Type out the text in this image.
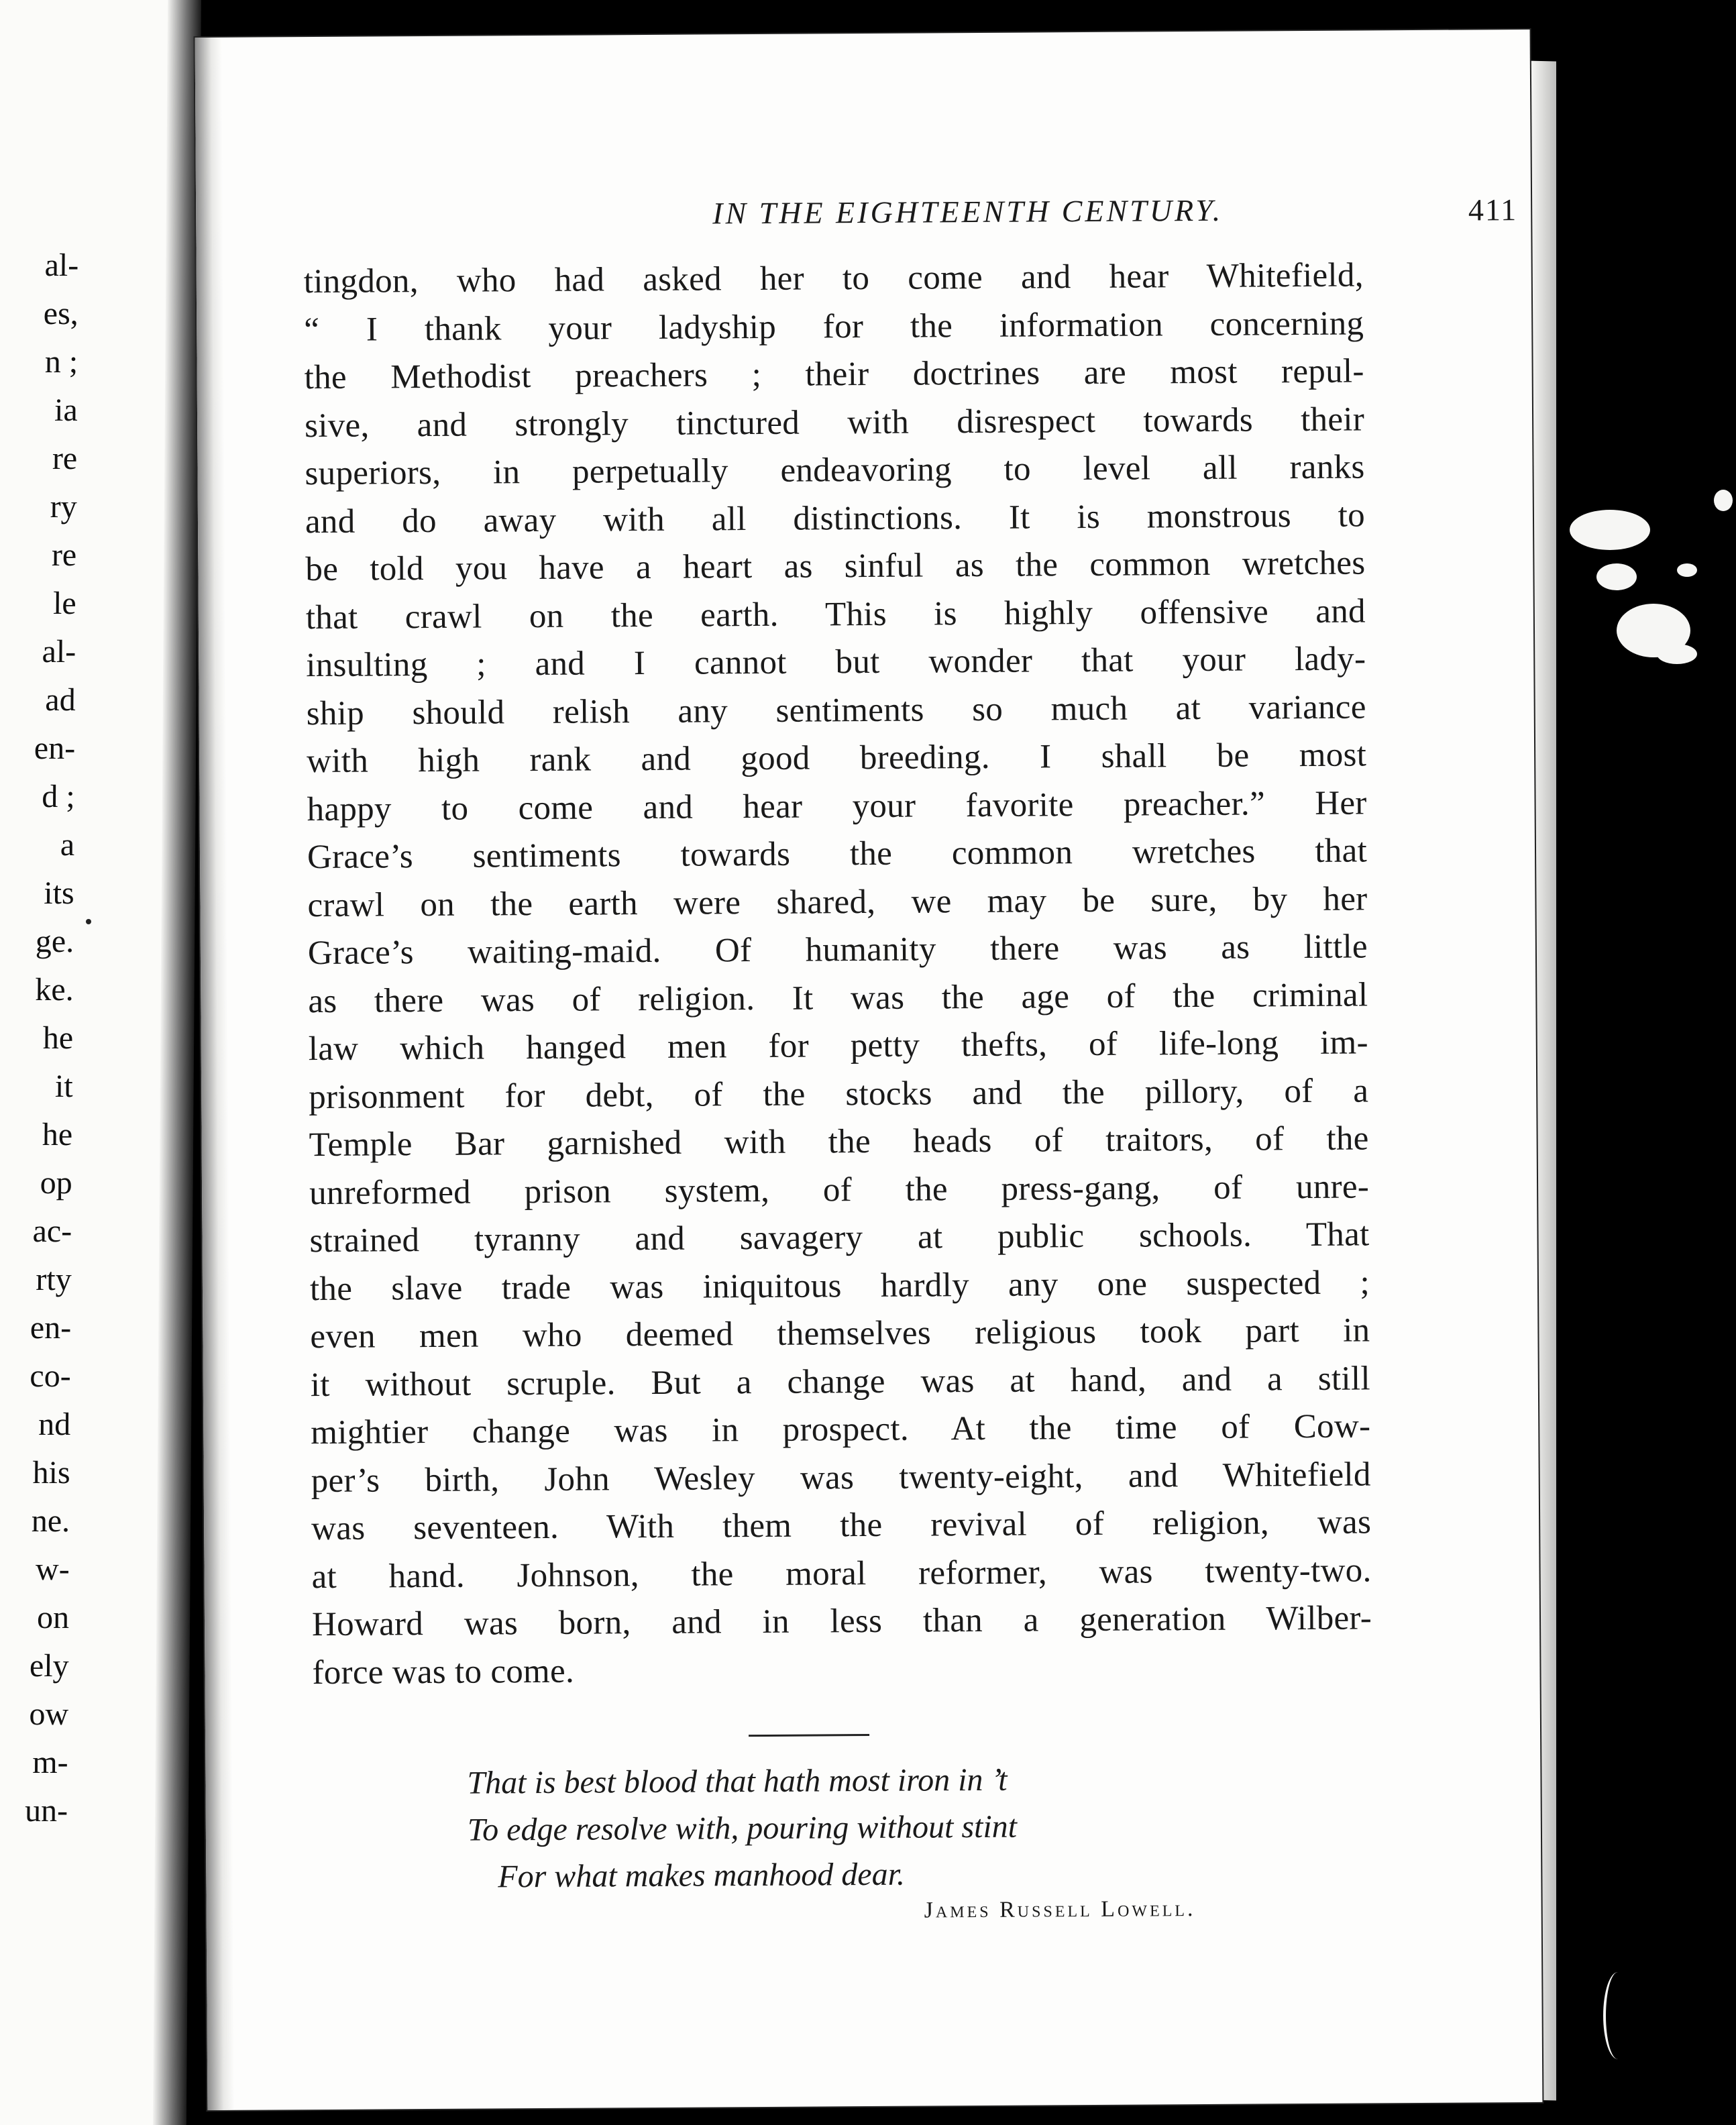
al-
es,
n ;
ia
re
ry
re
le
al-
ad
en-
d ;
a
its
ge.
ke.
he
it
he
op
ac-
rty
en-
co-
nd
his
ne.
w-
on
ely
ow
m-
un-
IN THE EIGHTEENTH CENTURY.	411
tingdon, who had asked her to come and hear Whitefield,
“ I thank your ladyship for the information concerning
the Methodist preachers ; their doctrines are most repul-
sive, and strongly tinctured with disrespect towards their
superiors, in perpetually endeavoring to level all ranks
and do away with all distinctions. It is monstrous to
be told you have a heart as sinful as the common wretches
that crawl on the earth. This is highly offensive and
insulting ; and I cannot but wonder that your lady-
ship should relish any sentiments so much at variance
with high rank and good breeding. I shall be most
happy to come and hear your favorite preacher.” Her
Grace’s sentiments towards the common wretches that
crawl on the earth were shared, we may be sure, by her
Grace’s waiting-maid. Of humanity there was as little
as there was of religion. It was the age of the criminal
law which hanged men for petty thefts, of life-long im-
prisonment for debt, of the stocks and the pillory, of a
Temple Bar garnished with the heads of traitors, of the
unreformed prison system, of the press-gang, of unre-
strained tyranny and savagery at public schools. That
the slave trade was iniquitous hardly any one suspected ;
even men who deemed themselves religious took part in
it without scruple. But a change was at hand, and a still
mightier change was in prospect. At the time of Cow-
per’s birth, John Wesley was twenty-eight, and Whitefield
was seventeen. With them the revival of religion, was
at hand. Johnson, the moral reformer, was twenty-two.
Howard was born, and in less than a generation Wilber-
force was to come.
That is best blood that hath most iron in ’t
To edge resolve with, pouring without stint
For what makes manhood dear.
James Russell Lowell.
